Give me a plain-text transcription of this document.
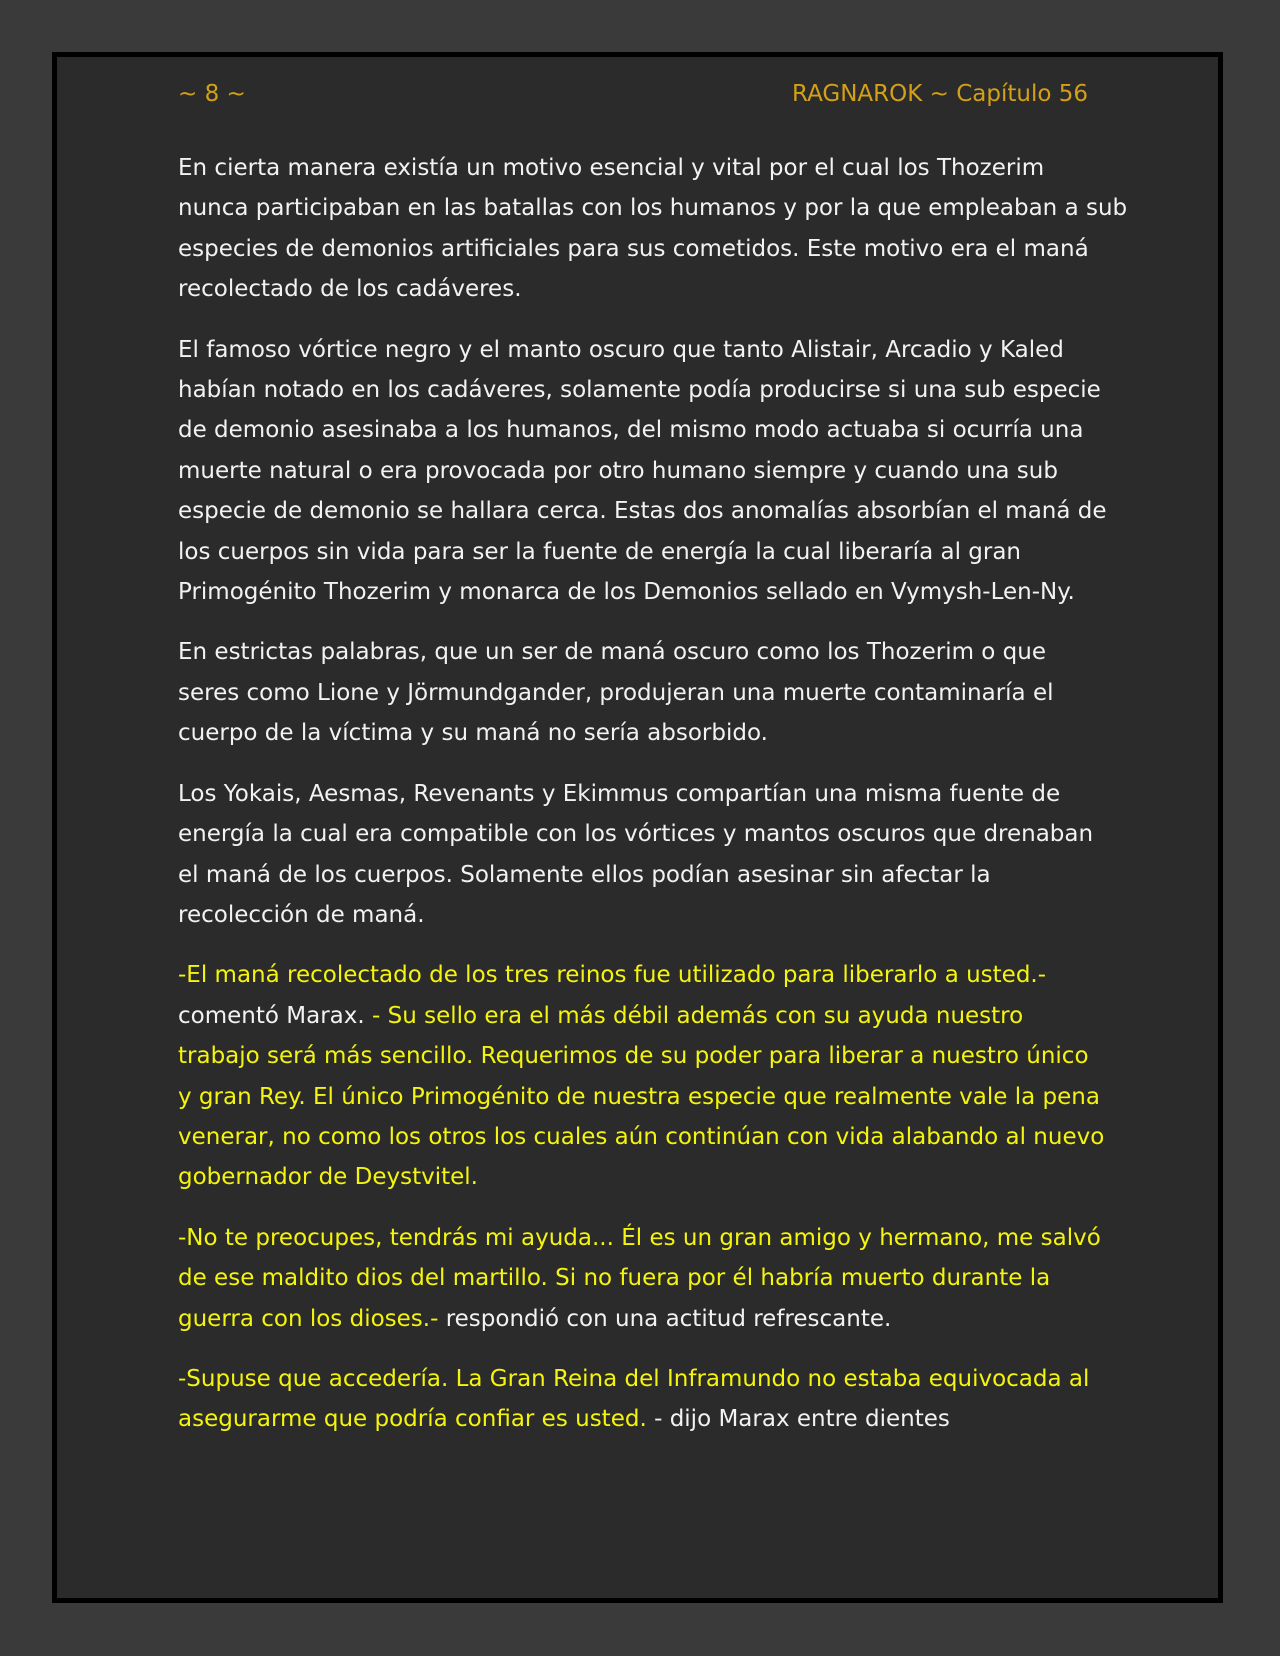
~ 8 ~	RAGNAROK ~ Capítulo 56

En cierta manera existía un motivo esencial y vital por el cual los Thozerim
nunca participaban en las batallas con los humanos y por la que empleaban a sub
especies de demonios artificiales para sus cometidos. Este motivo era el maná
recolectado de los cadáveres.

El famoso vórtice negro y el manto oscuro que tanto Alistair, Arcadio y Kaled
habían notado en los cadáveres, solamente podía producirse si una sub especie
de demonio asesinaba a los humanos, del mismo modo actuaba si ocurría una
muerte natural o era provocada por otro humano siempre y cuando una sub
especie de demonio se hallara cerca. Estas dos anomalías absorbían el maná de
los cuerpos sin vida para ser la fuente de energía la cual liberaría al gran
Primogénito Thozerim y monarca de los Demonios sellado en Vymysh-Len-Ny.

En estrictas palabras, que un ser de maná oscuro como los Thozerim o que
seres como Lione y Jörmundgander, produjeran una muerte contaminaría el
cuerpo de la víctima y su maná no sería absorbido.

Los Yokais, Aesmas, Revenants y Ekimmus compartían una misma fuente de
energía la cual era compatible con los vórtices y mantos oscuros que drenaban
el maná de los cuerpos. Solamente ellos podían asesinar sin afectar la
recolección de maná.

-El maná recolectado de los tres reinos fue utilizado para liberarlo a usted.-
comentó Marax. - Su sello era el más débil además con su ayuda nuestro
trabajo será más sencillo. Requerimos de su poder para liberar a nuestro único
y gran Rey. El único Primogénito de nuestra especie que realmente vale la pena
venerar, no como los otros los cuales aún continúan con vida alabando al nuevo
gobernador de Deystvitel.

-No te preocupes, tendrás mi ayuda... Él es un gran amigo y hermano, me salvó
de ese maldito dios del martillo. Si no fuera por él habría muerto durante la
guerra con los dioses.- respondió con una actitud refrescante.

-Supuse que accedería. La Gran Reina del Inframundo no estaba equivocada al
asegurarme que podría confiar es usted. - dijo Marax entre dientes
